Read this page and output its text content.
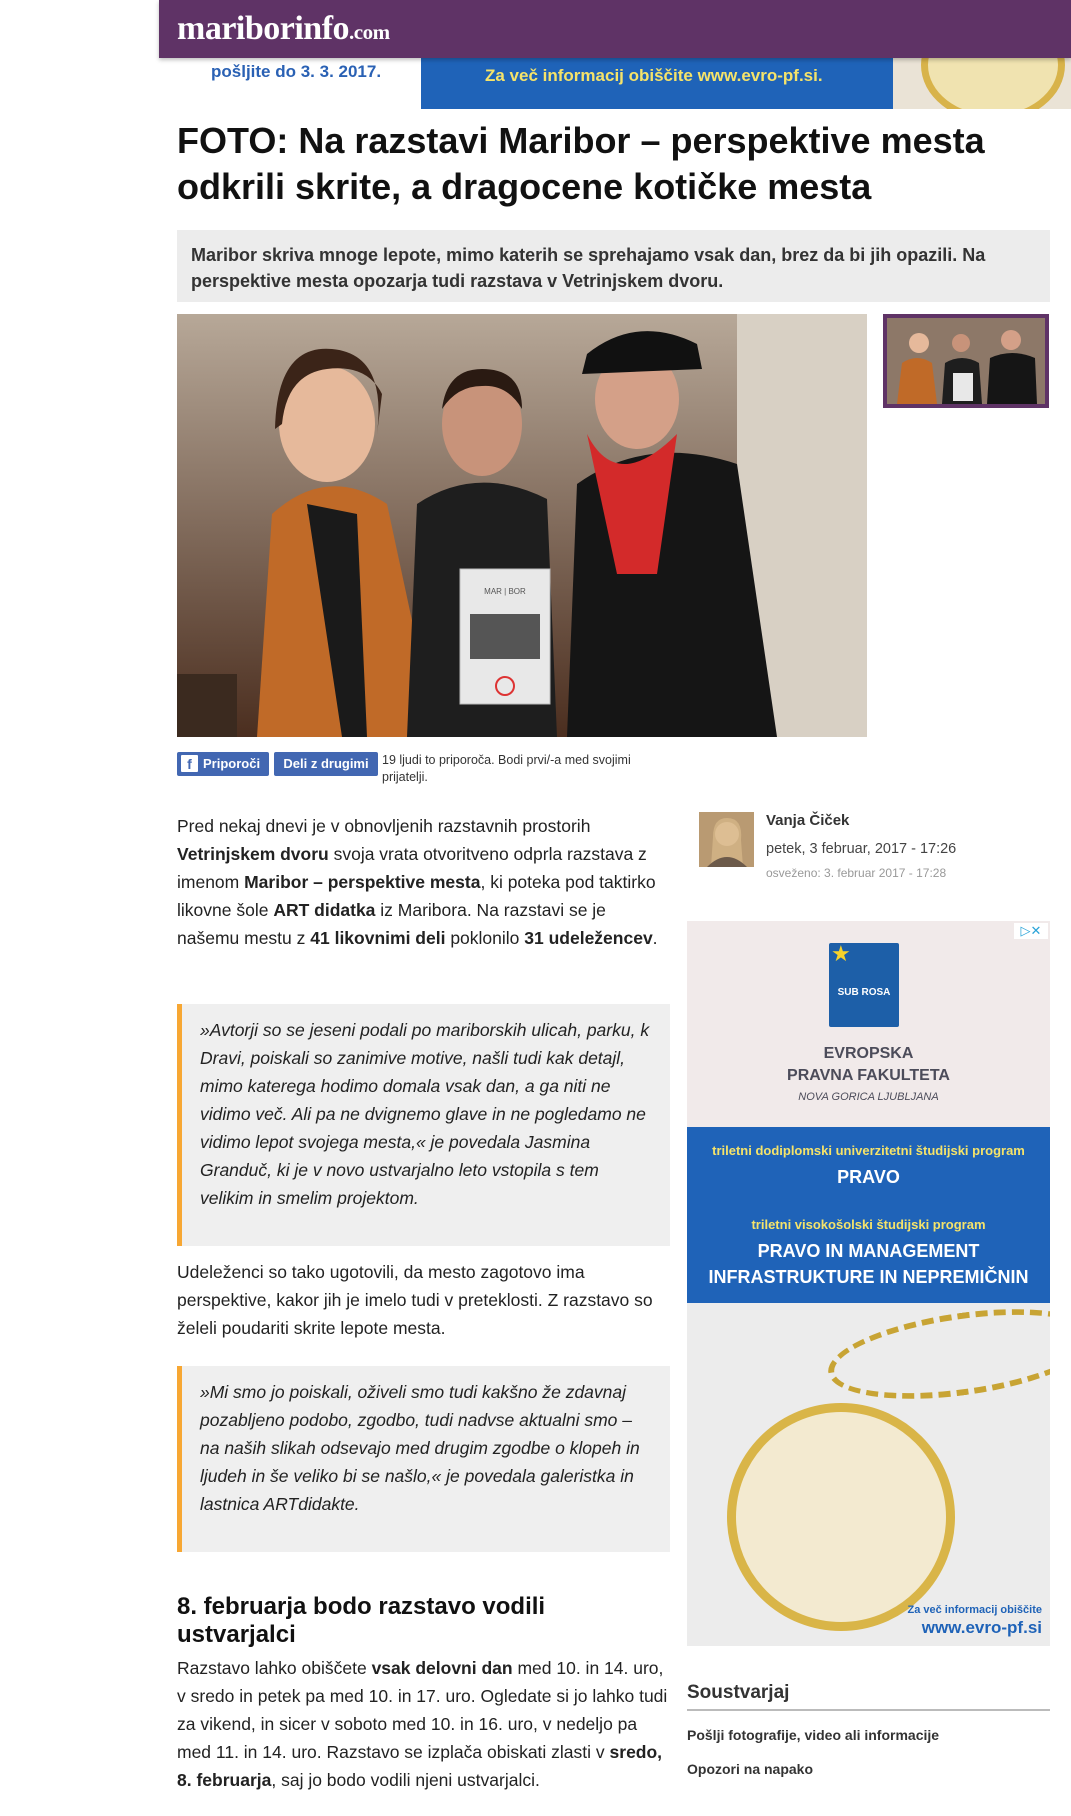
mariborinfo.com
pošljite do 3. 3. 2017.	Za več informacij obiščite www.evro-pf.si.
FOTO: Na razstavi Maribor – perspektive mesta odkrili skrite, a dragocene kotičke mesta

Maribor skriva mnoge lepote, mimo katerih se sprehajamo vsak dan, brez da bi jih opazili. Na perspektive mesta opozarja tudi razstava v Vetrinjskem dvoru.

MAR | BOR
f Priporoči	Deli z drugimi	19 ljudi to priporoča. Bodi prvi/-a med svojimi prijatelji.

Pred nekaj dnevi je v obnovljenih razstavnih prostorih Vetrinjskem dvoru svoja vrata otvoritveno odprla razstava z imenom Maribor – perspektive mesta, ki poteka pod taktirko likovne šole ART didatka iz Maribora. Na razstavi se je našemu mestu z 41 likovnimi deli poklonilo 31 udeležencev.

»Avtorji so se jeseni podali po mariborskih ulicah, parku, k Dravi, poiskali so zanimive motive, našli tudi kak detajl, mimo katerega hodimo domala vsak dan, a ga niti ne vidimo več. Ali pa ne dvignemo glave in ne pogledamo ne vidimo lepot svojega mesta,« je povedala Jasmina Granduč, ki je v novo ustvarjalno leto vstopila s tem velikim in smelim projektom.

Udeleženci so tako ugotovili, da mesto zagotovo ima perspektive, kakor jih je imelo tudi v preteklosti. Z razstavo so želeli poudariti skrite lepote mesta.

»Mi smo jo poiskali, oživeli smo tudi kakšno že zdavnaj pozabljeno podobo, zgodbo, tudi nadvse aktualni smo – na naših slikah odsevajo med drugim zgodbe o klopeh in ljudeh in še veliko bi se našlo,« je povedala galeristka in lastnica ARTdidakte.

8. februarja bodo razstavo vodili ustvarjalci

Razstavo lahko obiščete vsak delovni dan med 10. in 14. uro, v sredo in petek pa med 10. in 17. uro. Ogledate si jo lahko tudi za vikend, in sicer v soboto med 10. in 16. uro, v nedeljo pa med 11. in 14. uro. Razstavo se izplača obiskati zlasti v sredo, 8. februarja, saj jo bodo vodili njeni ustvarjalci.

Vanja Čiček
petek, 3 februar, 2017 - 17:26
osveženo: 3. februar 2017 - 17:28
SUB ROSA
★
EVROPSKA
PRAVNA FAKULTETA
NOVA GORICA LJUBLJANA
triletni dodiplomski univerzitetni študijski program
PRAVO
triletni visokošolski študijski program
PRAVO IN MANAGEMENT
INFRASTRUKTURE IN NEPREMIČNIN
Za več informacij obiščite
www.evro-pf.si
▷✕
Soustvarjaj
Pošlji fotografije, video ali informacije
Opozori na napako
